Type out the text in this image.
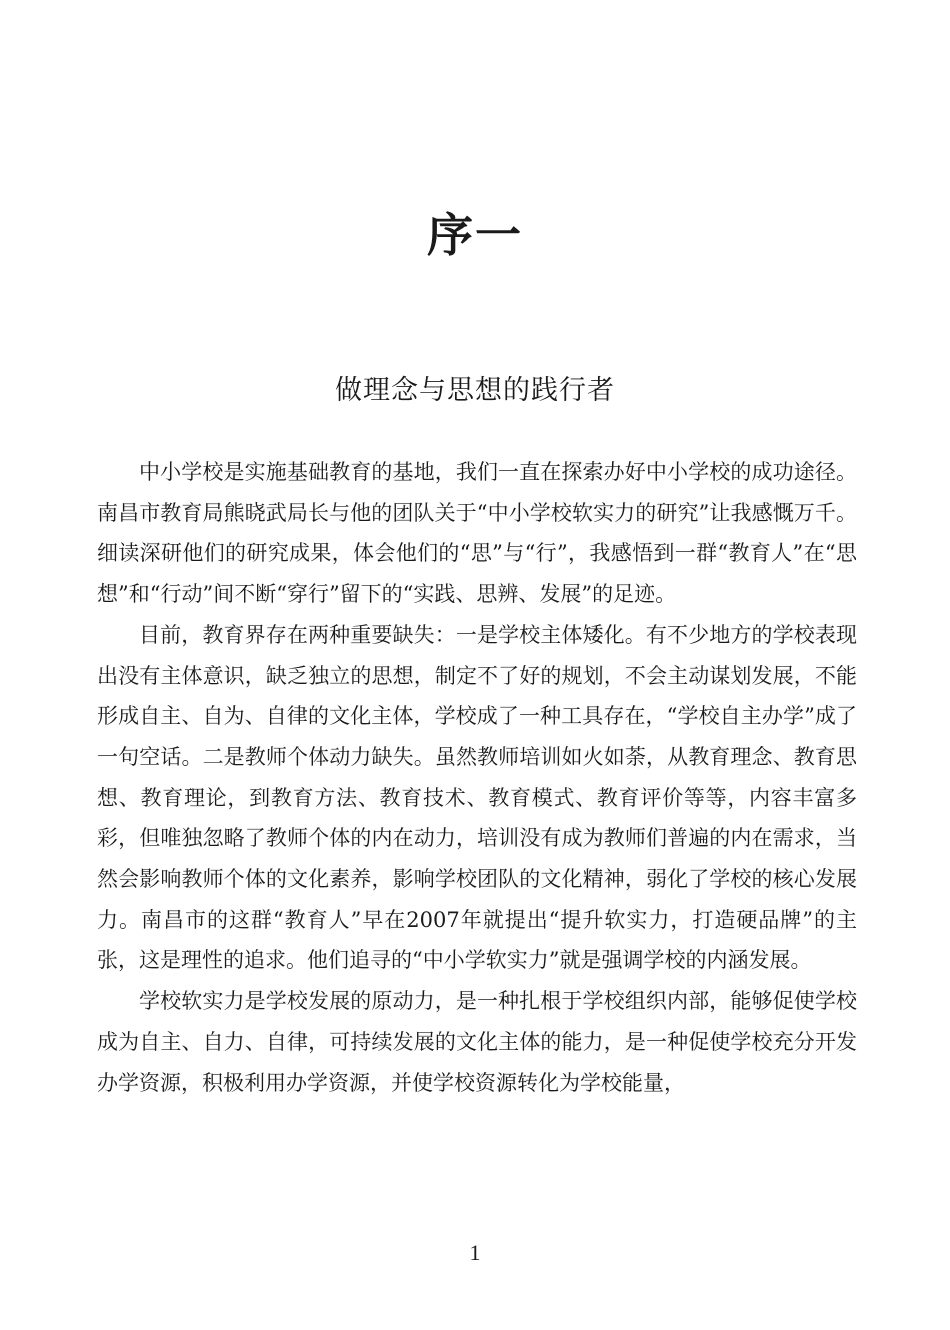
序一
做理念与思想的践行者

中小学校是实施基础教育的基地，我们一直在探索办好中小学校的成功途径。南昌市教育局熊晓武局长与他的团队关于“中小学校软实力的研究”让我感慨万千。细读深研他们的研究成果，体会他们的“思”与“行”，我感悟到一群“教育人”在“思想”和“行动”间不断“穿行”留下的“实践、思辨、发展”的足迹。

目前，教育界存在两种重要缺失：一是学校主体矮化。有不少地方的学校表现出没有主体意识，缺乏独立的思想，制定不了好的规划，不会主动谋划发展，不能形成自主、自为、自律的文化主体，学校成了一种工具存在，“学校自主办学”成了一句空话。二是教师个体动力缺失。虽然教师培训如火如荼，从教育理念、教育思想、教育理论，到教育方法、教育技术、教育模式、教育评价等等，内容丰富多彩，但唯独忽略了教师个体的内在动力，培训没有成为教师们普遍的内在需求，当然会影响教师个体的文化素养，影响学校团队的文化精神，弱化了学校的核心发展力。南昌市的这群“教育人”早在2007年就提出“提升软实力，打造硬品牌”的主张，这是理性的追求。他们追寻的“中小学软实力”就是强调学校的内涵发展。

学校软实力是学校发展的原动力，是一种扎根于学校组织内部，能够促使学校成为自主、自力、自律，可持续发展的文化主体的能力，是一种促使学校充分开发办学资源，积极利用办学资源，并使学校资源转化为学校能量，

1
